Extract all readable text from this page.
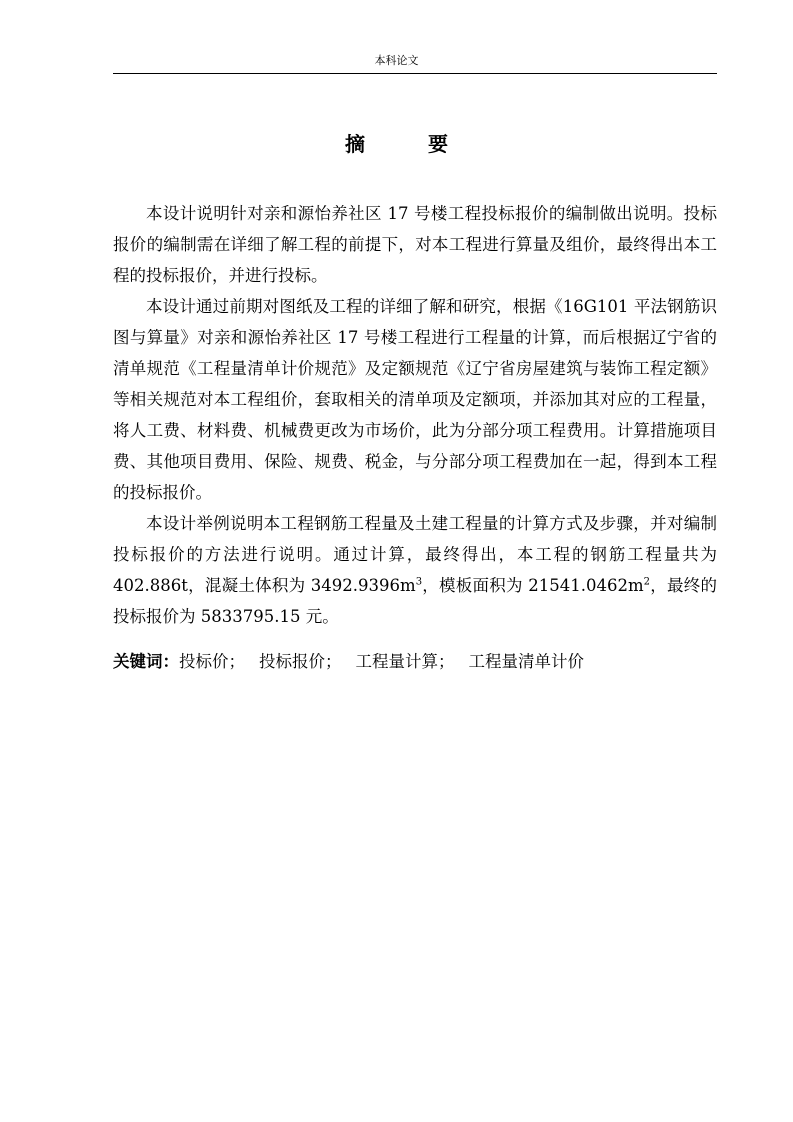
本科论文
摘 要

本设计说明针对亲和源怡养社区 17 号楼工程投标报价的编制做出说明。投标报价的编制需在详细了解工程的前提下，对本工程进行算量及组价，最终得出本工程的投标报价，并进行投标。

本设计通过前期对图纸及工程的详细了解和研究，根据《16G101 平法钢筋识图与算量》对亲和源怡养社区 17 号楼工程进行工程量的计算，而后根据辽宁省的清单规范《工程量清单计价规范》及定额规范《辽宁省房屋建筑与装饰工程定额》等相关规范对本工程组价，套取相关的清单项及定额项，并添加其对应的工程量，将人工费、材料费、机械费更改为市场价，此为分部分项工程费用。计算措施项目费、其他项目费用、保险、规费、税金，与分部分项工程费加在一起，得到本工程的投标报价。

本设计举例说明本工程钢筋工程量及土建工程量的计算方式及步骤，并对编制投标报价的方法进行说明。通过计算，最终得出，本工程的钢筋工程量共为 402.886t，混凝土体积为 $3492.9396m^3$，模板面积为 $21541.0462m^2$，最终的投标报价为 5833795.15 元。

关键词：投标价； 投标报价； 工程量计算； 工程量清单计价
